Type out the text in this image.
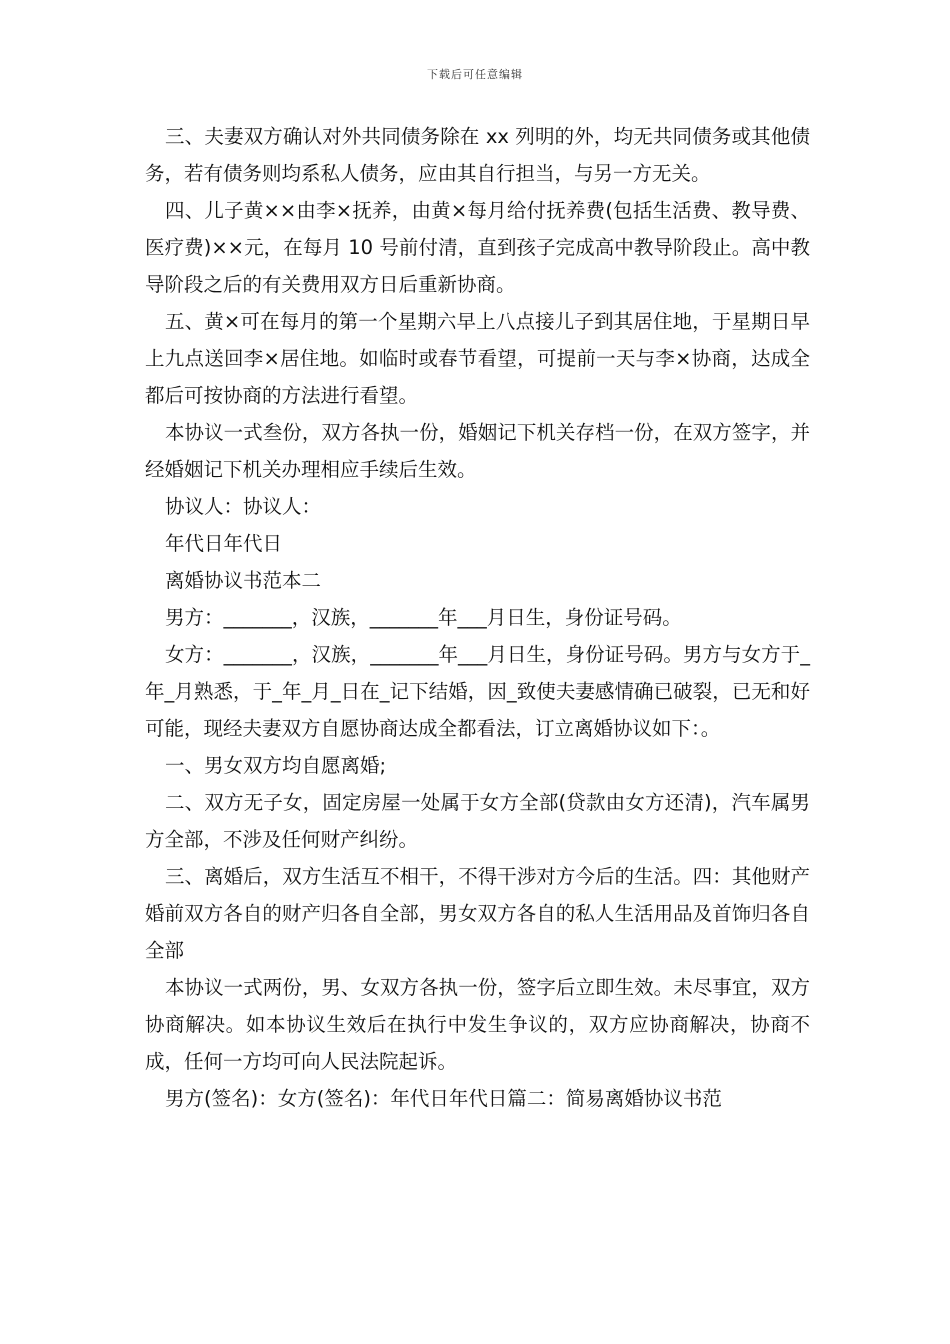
下载后可任意编辑

三、夫妻双方确认对外共同债务除在 xx 列明的外，均无共同债务或其他债务，若有债务则均系私人债务，应由其自行担当，与另一方无关。

四、儿子黄××由李×抚养，由黄×每月给付抚养费(包括生活费、教导费、医疗费)××元，在每月 10 号前付清，直到孩子完成高中教导阶段止。高中教导阶段之后的有关费用双方日后重新协商。

五、黄×可在每月的第一个星期六早上八点接儿子到其居住地，于星期日早上九点送回李×居住地。如临时或春节看望，可提前一天与李×协商，达成全都后可按协商的方法进行看望。

本协议一式叁份，双方各执一份，婚姻记下机关存档一份，在双方签字，并经婚姻记下机关办理相应手续后生效。

协议人：协议人：

年代日年代日

离婚协议书范本二

男方：_______，汉族，_______年___月日生，身份证号码。

女方：_______，汉族，_______年___月日生，身份证号码。男方与女方于_年_月熟悉，于_年_月_日在_记下结婚，因_致使夫妻感情确已破裂，已无和好可能，现经夫妻双方自愿协商达成全都看法，订立离婚协议如下：。

一、男女双方均自愿离婚;

二、双方无子女，固定房屋一处属于女方全部(贷款由女方还清)，汽车属男方全部，不涉及任何财产纠纷。

三、离婚后，双方生活互不相干，不得干涉对方今后的生活。四：其他财产婚前双方各自的财产归各自全部，男女双方各自的私人生活用品及首饰归各自全部

本协议一式两份，男、女双方各执一份，签字后立即生效。未尽事宜，双方协商解决。如本协议生效后在执行中发生争议的，双方应协商解决，协商不成，任何一方均可向人民法院起诉。

男方(签名)：女方(签名)：年代日年代日篇二：简易离婚协议书范
